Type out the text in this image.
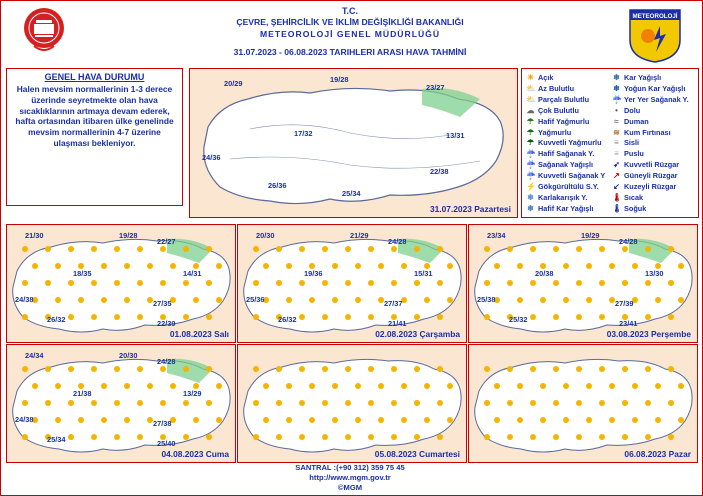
T.C.
ÇEVRE, ŞEHİRCİLİK VE İKLİM DEĞİŞİKLİĞİ BAKANLIĞI
METEOROLOJİ GENEL MÜDÜRLÜĞÜ
31.07.2023 - 06.08.2023 TARIHLERI ARASI HAVA TAHMİNİ
METEOROLOJİ
GENEL HAVA DURUMU
Halen mevsim normallerinin 1-3 derece üzerinde seyretmekte olan hava sıcaklıklarının artmaya devam ederek, hafta ortasından itibaren ülke genelinde mevsim normallerinin 4-7 üzerine ulaşması bekleniyor.
20/29	19/28
23/27
17/32	13/31
22/38
26/36
25/34
24/36
31.07.2023 Pazartesi
☀ Açık
⛅ Az Bulutlu
⛅ Parçalı Bulutlu
☁ Çok Bulutlu
☂ Hafif Yağmurlu
☂ Yağmurlu
☂ Kuvvetli Yağmurlu
☔ Hafif Sağanak Y.
☔ Sağanak Yağışlı
☔ Kuvvetli Sağanak Y
⚡ Gökgürültülü S.Y.
❄ Karlakarışık Y.
❄ Hafif Kar Yağışlı
❄ Kar Yağışlı
❄ Yoğun Kar Yağışlı
☔ Yer Yer Sağanak Y.
• Dolu
≈ Duman
≋ Kum Fırtınası
≡ Sisli
≡ Puslu
➶ Kuvvetli Rüzgar
↗ Güneyli Rüzgar
↙ Kuzeyli Rüzgar
🌡 Sıcak
🌡 Soğuk
21/30	19/28
22/27
18/35	14/31
27/35
22/39
26/32
24/38
01.08.2023 Salı
20/30	21/29
24/28
19/36	15/31
27/37
21/41
26/32
25/36
02.08.2023 Çarşamba
23/34	19/29
24/28
20/38	13/30
27/39
23/41
25/32
25/38
03.08.2023 Perşembe
24/34	20/30
24/28
21/38	13/29
27/38
25/40
25/34
24/38
04.08.2023 Cuma	05.08.2023 Cumartesi	06.08.2023 Pazar
SANTRAL :(+90 312) 359 75 45
http://www.mgm.gov.tr
©MGM
